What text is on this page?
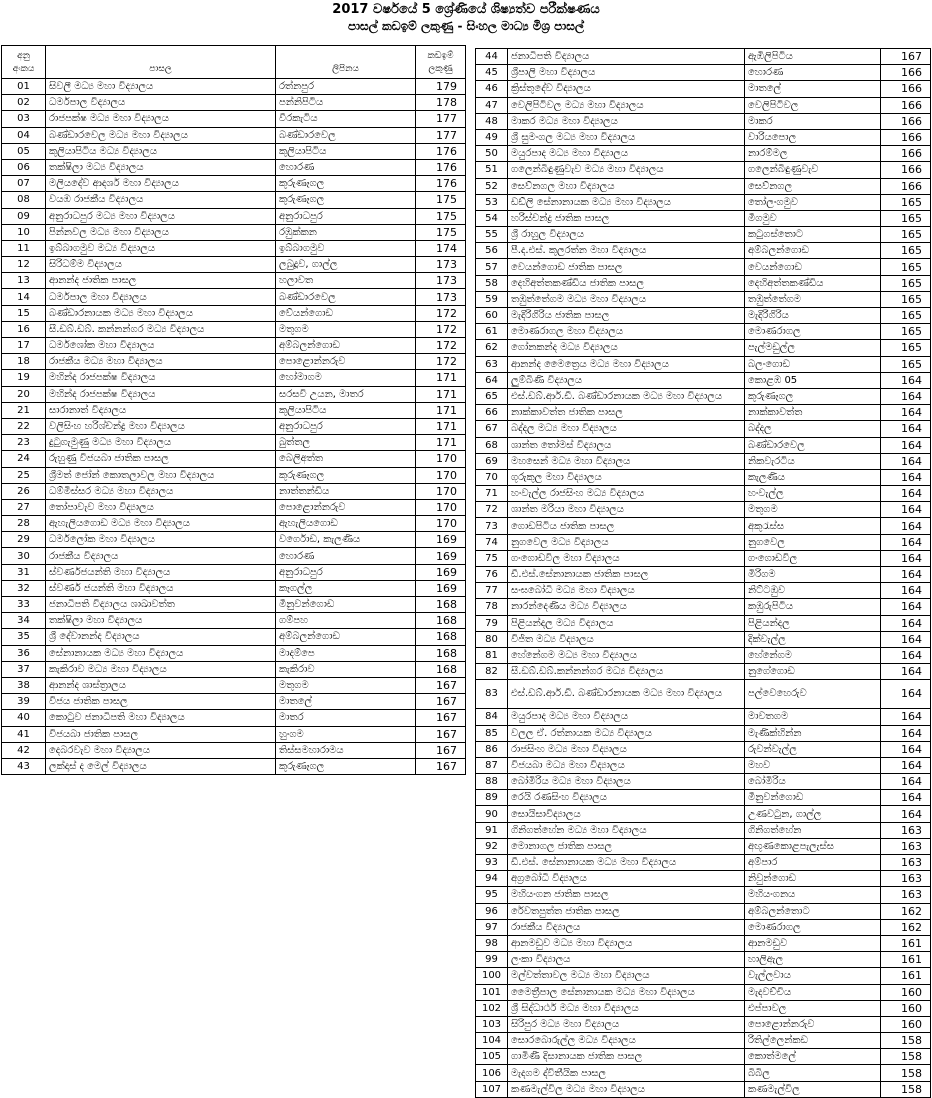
2017 වර්ෂයේ 5 ශ්‍රේණියේ ශිෂ්‍යත්ව පරීක්ෂණය
පාසල් කඩඉම් ලකුණු - සිංහල මාධ්‍ය මිශ්‍ර පාසල්
අනු
අංකය	පාසල	ලිපිනය	කඩඉම්
ලකුණු
01	සිවලී මධ්‍ය මහා විද්‍යාලය	රත්නපුර	179
02	ධර්මපාල විද්‍යාලය	පන්නිපිටිය	178
03	රාජපක්ෂ මධ්‍ය මහා විද්‍යාලය	වීරකැටිය	177
04	බණ්ඩාරවෙල මධ්‍ය මහා විද්‍යාලය	බණ්ඩාරවෙල	177
05	කුලියාපිටිය මධ්‍ය විද්‍යාලය	කුලියාපිටිය	176
06	තක්ෂිලා මධ්‍ය විද්‍යාලය	හොරණ	176
07	මලියදේව ආදර්ශ මහා විද්‍යාලය	කුරුණෑගල	176
08	වයඹ රාජකීය විද්‍යාලය	කුරුණෑගල	175
09	අනුරාධපුර මධ්‍ය මහා විද්‍යාලය	අනුරාධපුර	175
10	පින්නවල මධ්‍ය මහා විද්‍යාලය	රඹුක්කන	175
11	ඉබ්බාගමුව මධ්‍ය විද්‍යාලය	ඉබ්බාගමුව	174
12	සිරිධම්ම විද්‍යාලය	ලබුදූව, ගාල්ල	173
13	ආනන්ද ජාතික පාසල	හලාවත	173
14	ධර්මපාල මහා විද්‍යාලය	බණ්ඩාරවෙල	173
15	බණ්ඩාරනායක මධ්‍ය මහා විද්‍යාලය	වේයන්ගොඩ	172
16	සී.ඩබ්.ඩබ්. කන්නන්ගර මධ්‍ය විද්‍යාලය	මතුගම	172
17	ධර්මශෝක මහා විද්‍යාලය	අම්බලන්ගොඩ	172
18	රාජකීය මධ්‍ය මහා විද්‍යාලය	පොළොන්නරුව	172
19	මහින්ද රාජපක්ෂ විද්‍යාලය	හෝමාගම	171
20	මහින්ද රාජපක්ෂ විද්‍යාලය	සරසවි උයන, මාතර	171
21	සාරානාත් විද්‍යාලය	කුලියාපිටිය	171
22	වලිසිංහ හරිශ්චන්ද්‍ර මහා විද්‍යාලය	අනුරාධපුර	171
23	දුටුගැමුණු මධ්‍ය මහා විද්‍යාලය	බුත්තල	171
24	රුහුණු විජයබා ජාතික පාසල	බෙලිඅත්ත	170
25	ශ්‍රීමත් ජෝන් කොතලාවල මහා විද්‍යාලය	කුරුණෑගල	170
26	ධම්මිස්සර මධ්‍ය මහා විද්‍යාලය	නාත්තන්ඩිය	170
27	තෝපාවැව මහා විද්‍යාලය	පොළොන්නරුව	170
28	ඇහැලියගොඩ මධ්‍ය මහා විද්‍යාලය	ඇහැලියගොඩ	170
29	ධර්මලෝක මහා විද්‍යාලය	වර්ගොඩ, කැලණිය	169
30	රාජකීය විද්‍යාලය	හොරණ	169
31	ස්වර්ණජයන්ති මහා විද්‍යාලය	අනුරාධපුර	169
32	ස්වර්ණ ජයන්ති මහා විද්‍යාලය	කෑගල්ල	169
33	ජනාධිපති විද්‍යාලය ශාඛාවත්ත	මීනුවන්ගොඩ	168
34	තක්ෂිලා මහා විද්‍යාලය	ගම්පහ	168
35	ශ්‍රී දේවානන්ද විද්‍යාලය	අම්බලන්ගොඩ	168
36	සේනානායක මධ්‍ය මහා විද්‍යාලය	මාදම්පෙ	168
37	කැකිරාව මධ්‍ය මහා විද්‍යාලය	කැකිරාව	168
38	ආනන්ද ශාස්ත්‍රාලය	මතුගම	167
39	විජය ජාතික පාසල	මාතලේ	167
40	කොටුව ජනාධිපති මහා විද්‍යාලය	මාතර	167
41	විජයබා ජාතික පාසල	හුංගම	167
42	දෙබරවැව මහා විද්‍යාලය	තිස්සමහාරාමය	167
43	ලක්දාස් ද මෙල් විද්‍යාලය	කුරුණෑගල	167
44	ජනාධිපති විද්‍යාලය	ඇඹිලිපිටිය	167
45	ශ්‍රීපාලි මහා විද්‍යාලය	හොරණ	166
46	ක්‍රිස්තුදේව විද්‍යාලය	මාතලේ	166
47	වෙලිපිටිවල මධ්‍ය මහා විද්‍යාලය	වෙලිපිටිවල	166
48	මාකර මධ්‍ය මහා විද්‍යාලය	මාකර	166
49	ශ්‍රී සුමංගල මධ්‍ය මහා විද්‍යාලය	වාරියපොල	166
50	මයුරපාද මධ්‍ය මහා විද්‍යාලය	නාරම්මල	166
51	ගලෙන්බිඳුණුවැව මධ්‍ය මහා විද්‍යාලය	ගලෙන්බිඳුණුවැව	166
52	සෙව්නගල මහා විද්‍යාලය	සෙව්නගල	166
53	ඩඩ්ලි සේනානායක මධ්‍ය මහා විද්‍යාලය	තෝලංගමුව	165
54	හරිස්චන්ද්‍ර ජාතික පාසල	මීගමුව	165
55	ශ්‍රී රාහුල විද්‍යාලය	කටුගස්තොට	165
56	පී.ද.එස්. කුලරත්න මහා විද්‍යාලය	අම්බලන්ගොඩ	165
57	වෙයන්ගොඩ ජාතික පාසල	වෙයන්ගොඩ	165
58	දෙහිඅත්තකණ්ඩිය ජාතික පාසල	දෙහිඅත්තකණ්ඩිය	165
59	තඹුත්තේගම මධ්‍ය මහා විද්‍යාලය	තඹුත්තේගම	165
60	මැදිරිගිරිය ජාතික පාසල	මැදිරිගිරිය	165
61	මොණරාගල මහා විද්‍යාලය	මොණරාගල	165
62	ගෝනකන්ද මධ්‍ය විද්‍යාලය	පැල්මඩුල්ල	165
63	ආනන්ද මෛත්‍රෙය මධ්‍ය මහා විද්‍යාලය	බලංගොඩ	165
64	ලුම්බිණි විද්‍යාලය	කොළඹ 05	164
65	එස්.ඩබ්.ආර්.ඩී. බණ්ඩාරනායක මධ්‍ය මහා විද්‍යාලය	කුරුණෑගල	164
66	නාක්කාවත්ත ජාතික පාසල	නාක්කාවත්ත	164
67	බද්දල මධ්‍ය මහා විද්‍යාලය	බද්දල	164
68	ශාන්ත තෝමස් විද්‍යාලය	බණ්ඩාරවෙල	164
69	මහසෙන් මධ්‍ය මහා විද්‍යාලය	නිකවැරටිය	164
70	ගුරුකුල මහා විද්‍යාලය	කැලණිය	164
71	හංවැල්ල රාජසිංහ මධ්‍ය විද්‍යාලය	හංවැල්ල	164
72	ශාන්ත මරියා මහා විද්‍යාලය	මතුගම	164
73	ගොඩපිටිය ජාතික පාසල	අකුරැස්ස	164
74	නුගවෙල මධ්‍ය විද්‍යාලය	නුගවෙල	164
75	ගංගොඩවිල මහා විද්‍යාලය	ගංගොඩවිල	164
76	ඩී.එස්.සේනානායක ජාතික පාසල	මිරිගම	164
77	සංඝබෝධි මධ්‍ය මහා විද්‍යාලය	නිට්ටඹුව	164
78	නාරන්දෙණිය මධ්‍ය විද්‍යාලය	කඹුරුපිටිය	164
79	පිළියන්දල මධ්‍ය විද්‍යාලය	පිළියන්දල	164
80	විජිත මධ්‍ය විද්‍යාලය	දික්වැල්ල	164
81	හේනේගම මධ්‍ය මහා විද්‍යාලය	හේනේගම	164
82	සී.ඩබ්.ඩබ්.කන්නන්ගර මධ්‍ය විද්‍යාලය	නුගේගොඩ	164
83	එස්.ඩබ්.ආර්.ඩී. බණ්ඩාරනායක මධ්‍ය මහා විද්‍යාලය	පල්වෙහෙරුව	164
84	මයුරපාද මධ්‍ය මහා විද්‍යාලය	මාවතගම	164
85	වලල ඒ. රත්නායක මධ්‍ය විද්‍යාලය	මැණික්හින්න	164
86	රාජසිංහ මධ්‍ය මහා විද්‍යාලය	රුවන්වැල්ල	164
87	විජයබා මධ්‍ය මහා විද්‍යාලය	මහව	164
88	බෝමිරිය මධ්‍ය මහා විද්‍යාලය	බෝමිරිය	164
89	රෙයි රණසිංහ විද්‍යාලය	මීනුවන්ගොඩ	164
90	සොයිසාවිද්‍යාලය	උණවටුන, ගාල්ල	164
91	ගිනිගත්හේන මධ්‍ය මහා විද්‍යාලය	ගිනිගත්හේන	163
92	මොනාගල ජාතික පාසල	අඟුණකොළපැලැස්ස	163
93	ඩී.එස්. සේනානායක මධ්‍ය මහා විද්‍යාලය	අම්පාර	163
94	අග්‍රබෝධි විද්‍යාලය	නිවුන්ගොඩ	163
95	මහියංගන ජාතික පාසල	මහියංගනය	163
96	රේවතපුත්ත ජාතික පාසල	අම්බලන්තොට	162
97	රාජකීය විද්‍යාලය	මොණරාගල	162
98	ආනමඩුව මධ්‍ය මහා විද්‍යාලය	ආනමඩුව	161
99	ලංකා විද්‍යාලය	හාලිඇල	161
100	මල්වත්තාවල මධ්‍ය මහා විද්‍යාලය	වැල්ලවාය	161
101	මෛත්‍රීපාල සේනානායක මධ්‍ය මහා විද්‍යාලය	මැදවච්චිය	160
102	ශ්‍රී සිද්ධාර්ථ මධ්‍ය මහා විද්‍යාලය	එප්පාවල	160
103	සිරිපුර මධ්‍ය මහා විද්‍යාලය	පොළොන්නරුව	160
104	සොරබොරුල්ල මධ්‍ය විද්‍යාලය	රිතිල්ලෙන්කඩ	158
105	ගාමිණී දිසානායක ජාතික පාසල	කොත්මලේ	158
106	මැදගම ද්විතීයික පාසල	බිබිල	158
107	කණමැල්විල මධ්‍ය මහා විද්‍යාලය	කණමැල්විල	158
